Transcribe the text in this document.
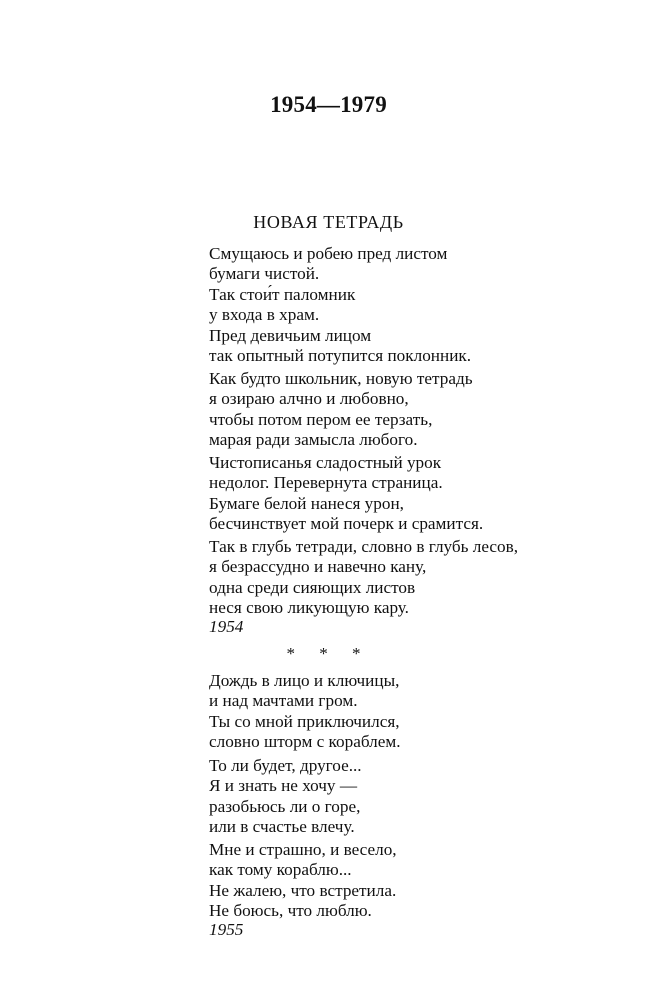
1954—1979
НОВАЯ ТЕТРАДЬ

Смущаюсь и робею пред листом
бумаги чистой.
Так стои́т паломник
у входа в храм.
Пред девичьим лицом
так опытный потупится поклонник.

Как будто школьник, новую тетрадь
я озираю алчно и любовно,
чтобы потом пером ее терзать,
марая ради замысла любого.

Чистописанья сладостный урок
недолог. Перевернута страница.
Бумаге белой нанеся урон,
бесчинствует мой почерк и срамится.

Так в глубь тетради, словно в глубь лесов,
я безрассудно и навечно кану,
одна среди сияющих листов
неся свою ликующую кару.

1954
* * *

Дождь в лицо и ключицы,
и над мачтами гром.
Ты со мной приключился,
словно шторм с кораблем.

То ли будет, другое...
Я и знать не хочу —
разобьюсь ли о горе,
или в счастье влечу.

Мне и страшно, и весело,
как тому кораблю...
Не жалею, что встретила.
Не боюсь, что люблю.

1955
